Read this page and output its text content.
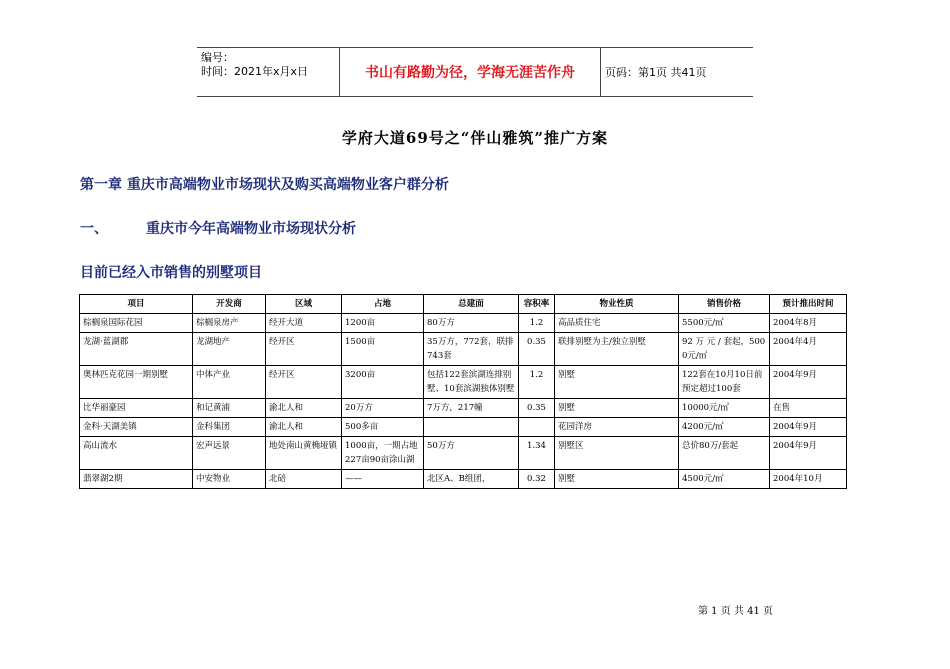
编号：
时间：2021年x月x日	书山有路勤为径，学海无涯苦作舟	页码：第1页 共41页
学府大道69号之“伴山雅筑”推广方案
第一章 重庆市高端物业市场现状及购买高端物业客户群分析
一、	重庆市今年高端物业市场现状分析
目前已经入市销售的别墅项目
项目	开发商	区域	占地	总建面	容积率	物业性质	销售价格	预计推出时间
棕榈泉国际花园	棕榈泉房产	经开大道	1200亩	80万方	1.2	高品质住宅	5500元/㎡	2004年8月
龙湖·蓝湖郡	龙湖地产	经开区	1500亩	35万方，772套，联排743套	0.35	联排别墅为主/独立别墅	92 万 元 / 套起，5000元/㎡	2004年4月
奥林匹克花园一期别墅	中体产业	经开区	3200亩	包括122套滨湖连排别墅、10套滨湖独体别墅	1.2	别墅	122套在10月10日前预定超过100套	2004年9月
比华丽豪园	和记黄浦	渝北人和	20万方	7万方，217幢	0.35	别墅	10000元/㎡	在售
金科·天湖美镇	金科集团	渝北人和	500多亩			花园洋房	4200元/㎡	2004年9月
高山流水	宏声远景	地处南山黄桷垭镇	1000亩，一期占地227亩90亩涂山湖	50万方	1.34	别墅区	总价80万/套起	2004年9月
翡翠湖2期	中安物业	北碚	——	北区A、B组团，	0.32	别墅	4500元/㎡	2004年10月
第 1 页 共 41 页
